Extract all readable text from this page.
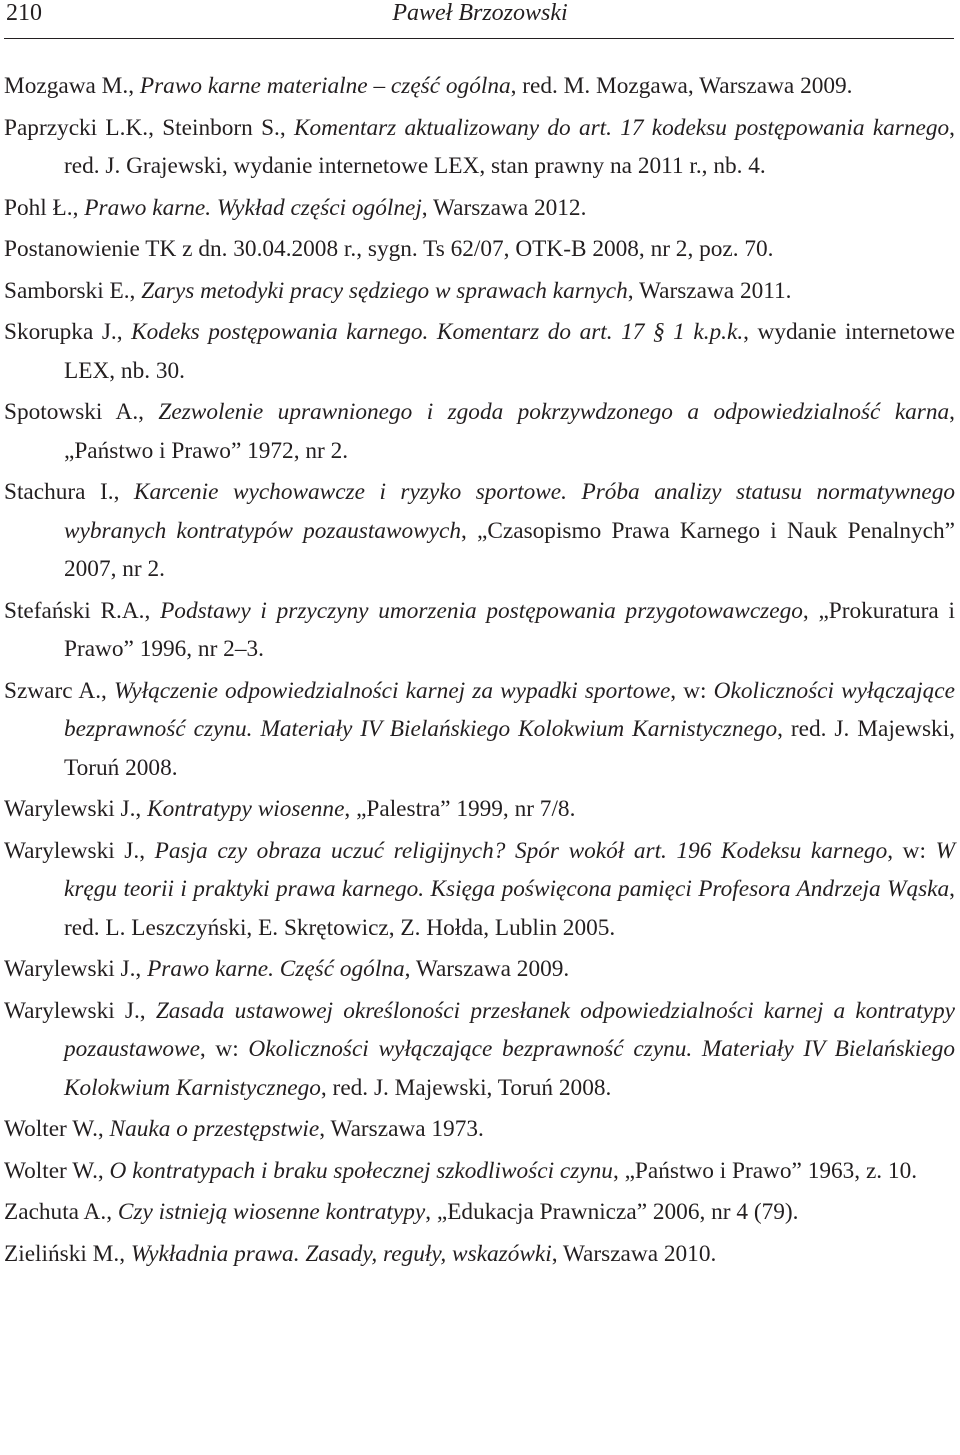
210	Paweł Brzozowski
Mozgawa M., Prawo karne materialne – część ogólna, red. M. Mozgawa, Warszawa 2009.
Paprzycki L.K., Steinborn S., Komentarz aktualizowany do art. 17 kodeksu postępowania karnego, red. J. Grajewski, wydanie internetowe LEX, stan prawny na 2011 r., nb. 4.
Pohl Ł., Prawo karne. Wykład części ogólnej, Warszawa 2012.
Postanowienie TK z dn. 30.04.2008 r., sygn. Ts 62/07, OTK-B 2008, nr 2, poz. 70.
Samborski E., Zarys metodyki pracy sędziego w sprawach karnych, Warszawa 2011.
Skorupka J., Kodeks postępowania karnego. Komentarz do art. 17 § 1 k.p.k., wydanie internetowe LEX, nb. 30.
Spotowski A., Zezwolenie uprawnionego i zgoda pokrzywdzonego a odpowiedzialność karna, „Państwo i Prawo” 1972, nr 2.
Stachura I., Karcenie wychowawcze i ryzyko sportowe. Próba analizy statusu normatywnego wybranych kontratypów pozaustawowych, „Czasopismo Prawa Karnego i Nauk Penalnych” 2007, nr 2.
Stefański R.A., Podstawy i przyczyny umorzenia postępowania przygotowawczego, „Prokuratura i Prawo” 1996, nr 2–3.
Szwarc A., Wyłączenie odpowiedzialności karnej za wypadki sportowe, w: Okoliczności wyłączające bezprawność czynu. Materiały IV Bielańskiego Kolokwium Karnistycznego, red. J. Majewski, Toruń 2008.
Warylewski J., Kontratypy wiosenne, „Palestra” 1999, nr 7/8.
Warylewski J., Pasja czy obraza uczuć religijnych? Spór wokół art. 196 Kodeksu karnego, w: W kręgu teorii i praktyki prawa karnego. Księga poświęcona pamięci Profesora Andrzeja Wąska, red. L. Leszczyński, E. Skrętowicz, Z. Hołda, Lublin 2005.
Warylewski J., Prawo karne. Część ogólna, Warszawa 2009.
Warylewski J., Zasada ustawowej określoności przesłanek odpowiedzialności karnej a kontratypy pozaustawowe, w: Okoliczności wyłączające bezprawność czynu. Materiały IV Bielańskiego Kolokwium Karnistycznego, red. J. Majewski, Toruń 2008.
Wolter W., Nauka o przestępstwie, Warszawa 1973.
Wolter W., O kontratypach i braku społecznej szkodliwości czynu, „Państwo i Prawo” 1963, z. 10.
Zachuta A., Czy istnieją wiosenne kontratypy, „Edukacja Prawnicza” 2006, nr 4 (79).
Zieliński M., Wykładnia prawa. Zasady, reguły, wskazówki, Warszawa 2010.
